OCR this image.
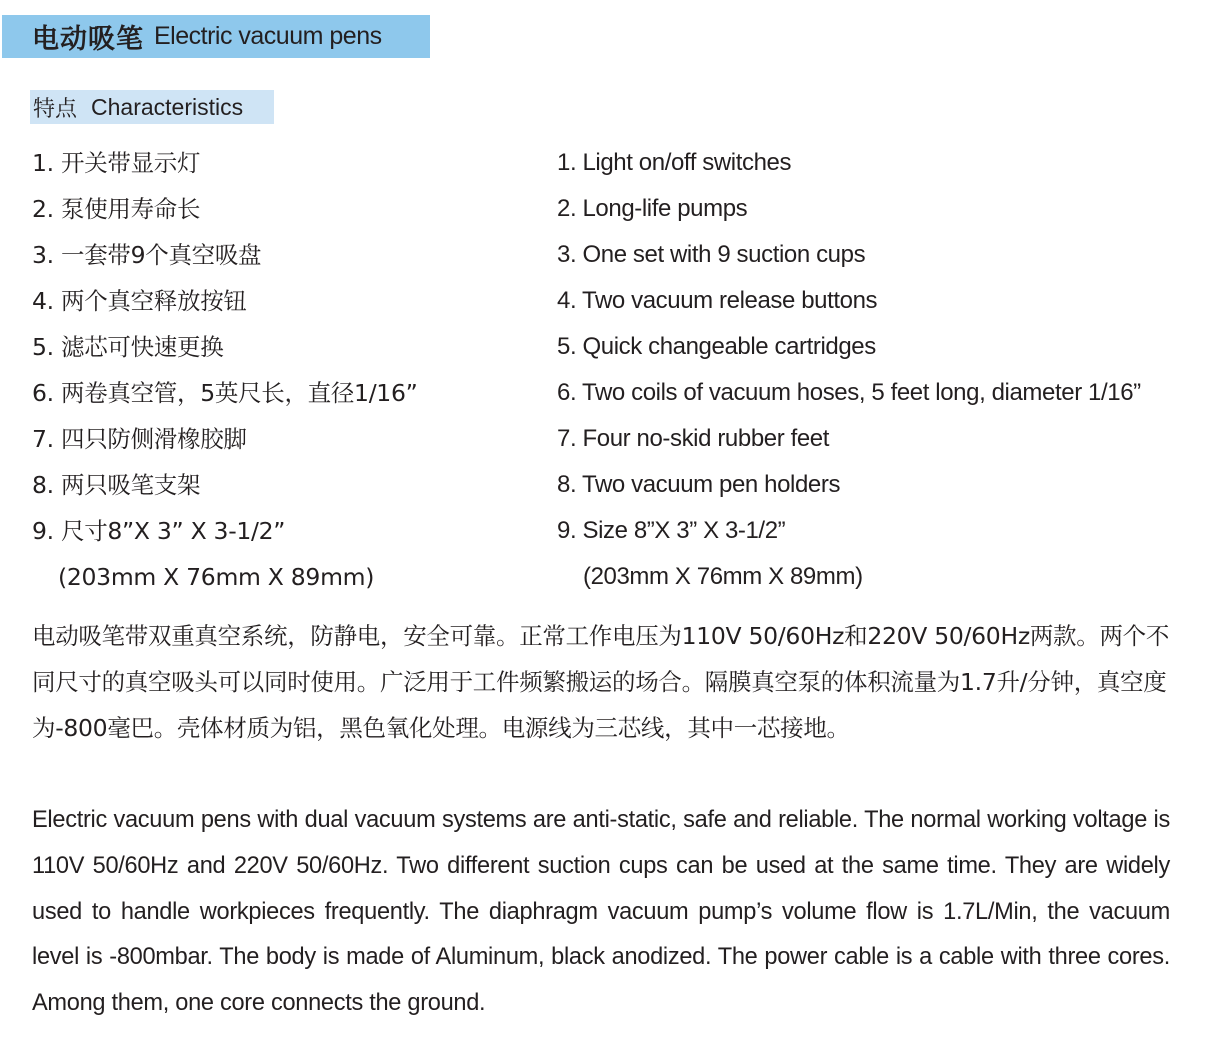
电动吸笔 Electric vacuum pens
特点 Characteristics
1. 开关带显示灯
2. 泵使用寿命长
3. 一套带9个真空吸盘
4. 两个真空释放按钮
5. 滤芯可快速更换
6. 两卷真空管，5英尺长，直径1/16”
7. 四只防侧滑橡胶脚
8. 两只吸笔支架
9. 尺寸8”X 3” X 3-1/2”
(203mm X 76mm X 89mm)
1. Light on/off switches
2. Long-life pumps
3. One set with 9 suction cups
4. Two vacuum release buttons
5. Quick changeable cartridges
6. Two coils of vacuum hoses, 5 feet long, diameter 1/16”
7. Four no-skid rubber feet
8. Two vacuum pen holders
9. Size 8”X 3” X 3-1/2”
(203mm X 76mm X 89mm)

电动吸笔带双重真空系统，防静电，安全可靠。正常工作电压为110V 50/60Hz和220V 50/60Hz两款。两个不同尺寸的真空吸头可以同时使用。广泛用于工件频繁搬运的场合。隔膜真空泵的体积流量为1.7升/分钟，真空度为-800毫巴。壳体材质为铝，黑色氧化处理。电源线为三芯线，其中一芯接地。

Electric vacuum pens with dual vacuum systems are anti-static, safe and reliable. The normal working voltage is 110V 50/60Hz and 220V 50/60Hz. Two different suction cups can be used at the same time. They are widely used to handle workpieces frequently. The diaphragm vacuum pump’s volume flow is 1.7L/Min, the vacuum level is -800mbar. The body is made of Aluminum, black anodized. The power cable is a cable with three cores. Among them, one core connects the ground.
